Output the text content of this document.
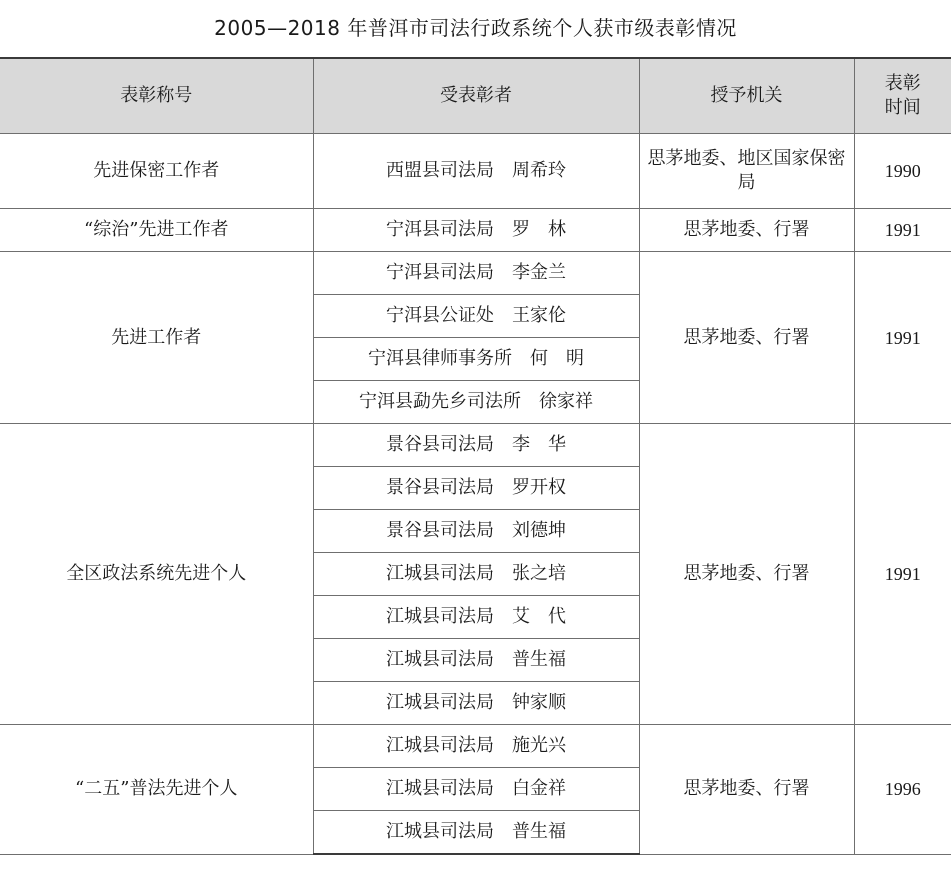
2005—2018 年普洱市司法行政系统个人获市级表彰情况
表彰称号	受表彰者	授予机关	表彰
时间
先进保密工作者	西盟县司法局　周希玲	思茅地委、地区国家保密局	1990
“综治”先进工作者	宁洱县司法局　罗　林	思茅地委、行署	1991
先进工作者	宁洱县司法局　李金兰	思茅地委、行署	1991
	宁洱县公证处　王家伦		
	宁洱县律师事务所　何　明		
	宁洱县勐先乡司法所　徐家祥		
全区政法系统先进个人	景谷县司法局　李　华	思茅地委、行署	1991
	景谷县司法局　罗开权		
	景谷县司法局　刘德坤		
	江城县司法局　张之培		
	江城县司法局　艾　代		
	江城县司法局　普生福		
	江城县司法局　钟家顺		
“二五”普法先进个人	江城县司法局　施光兴	思茅地委、行署	1996
	江城县司法局　白金祥		
	江城县司法局　普生福		
